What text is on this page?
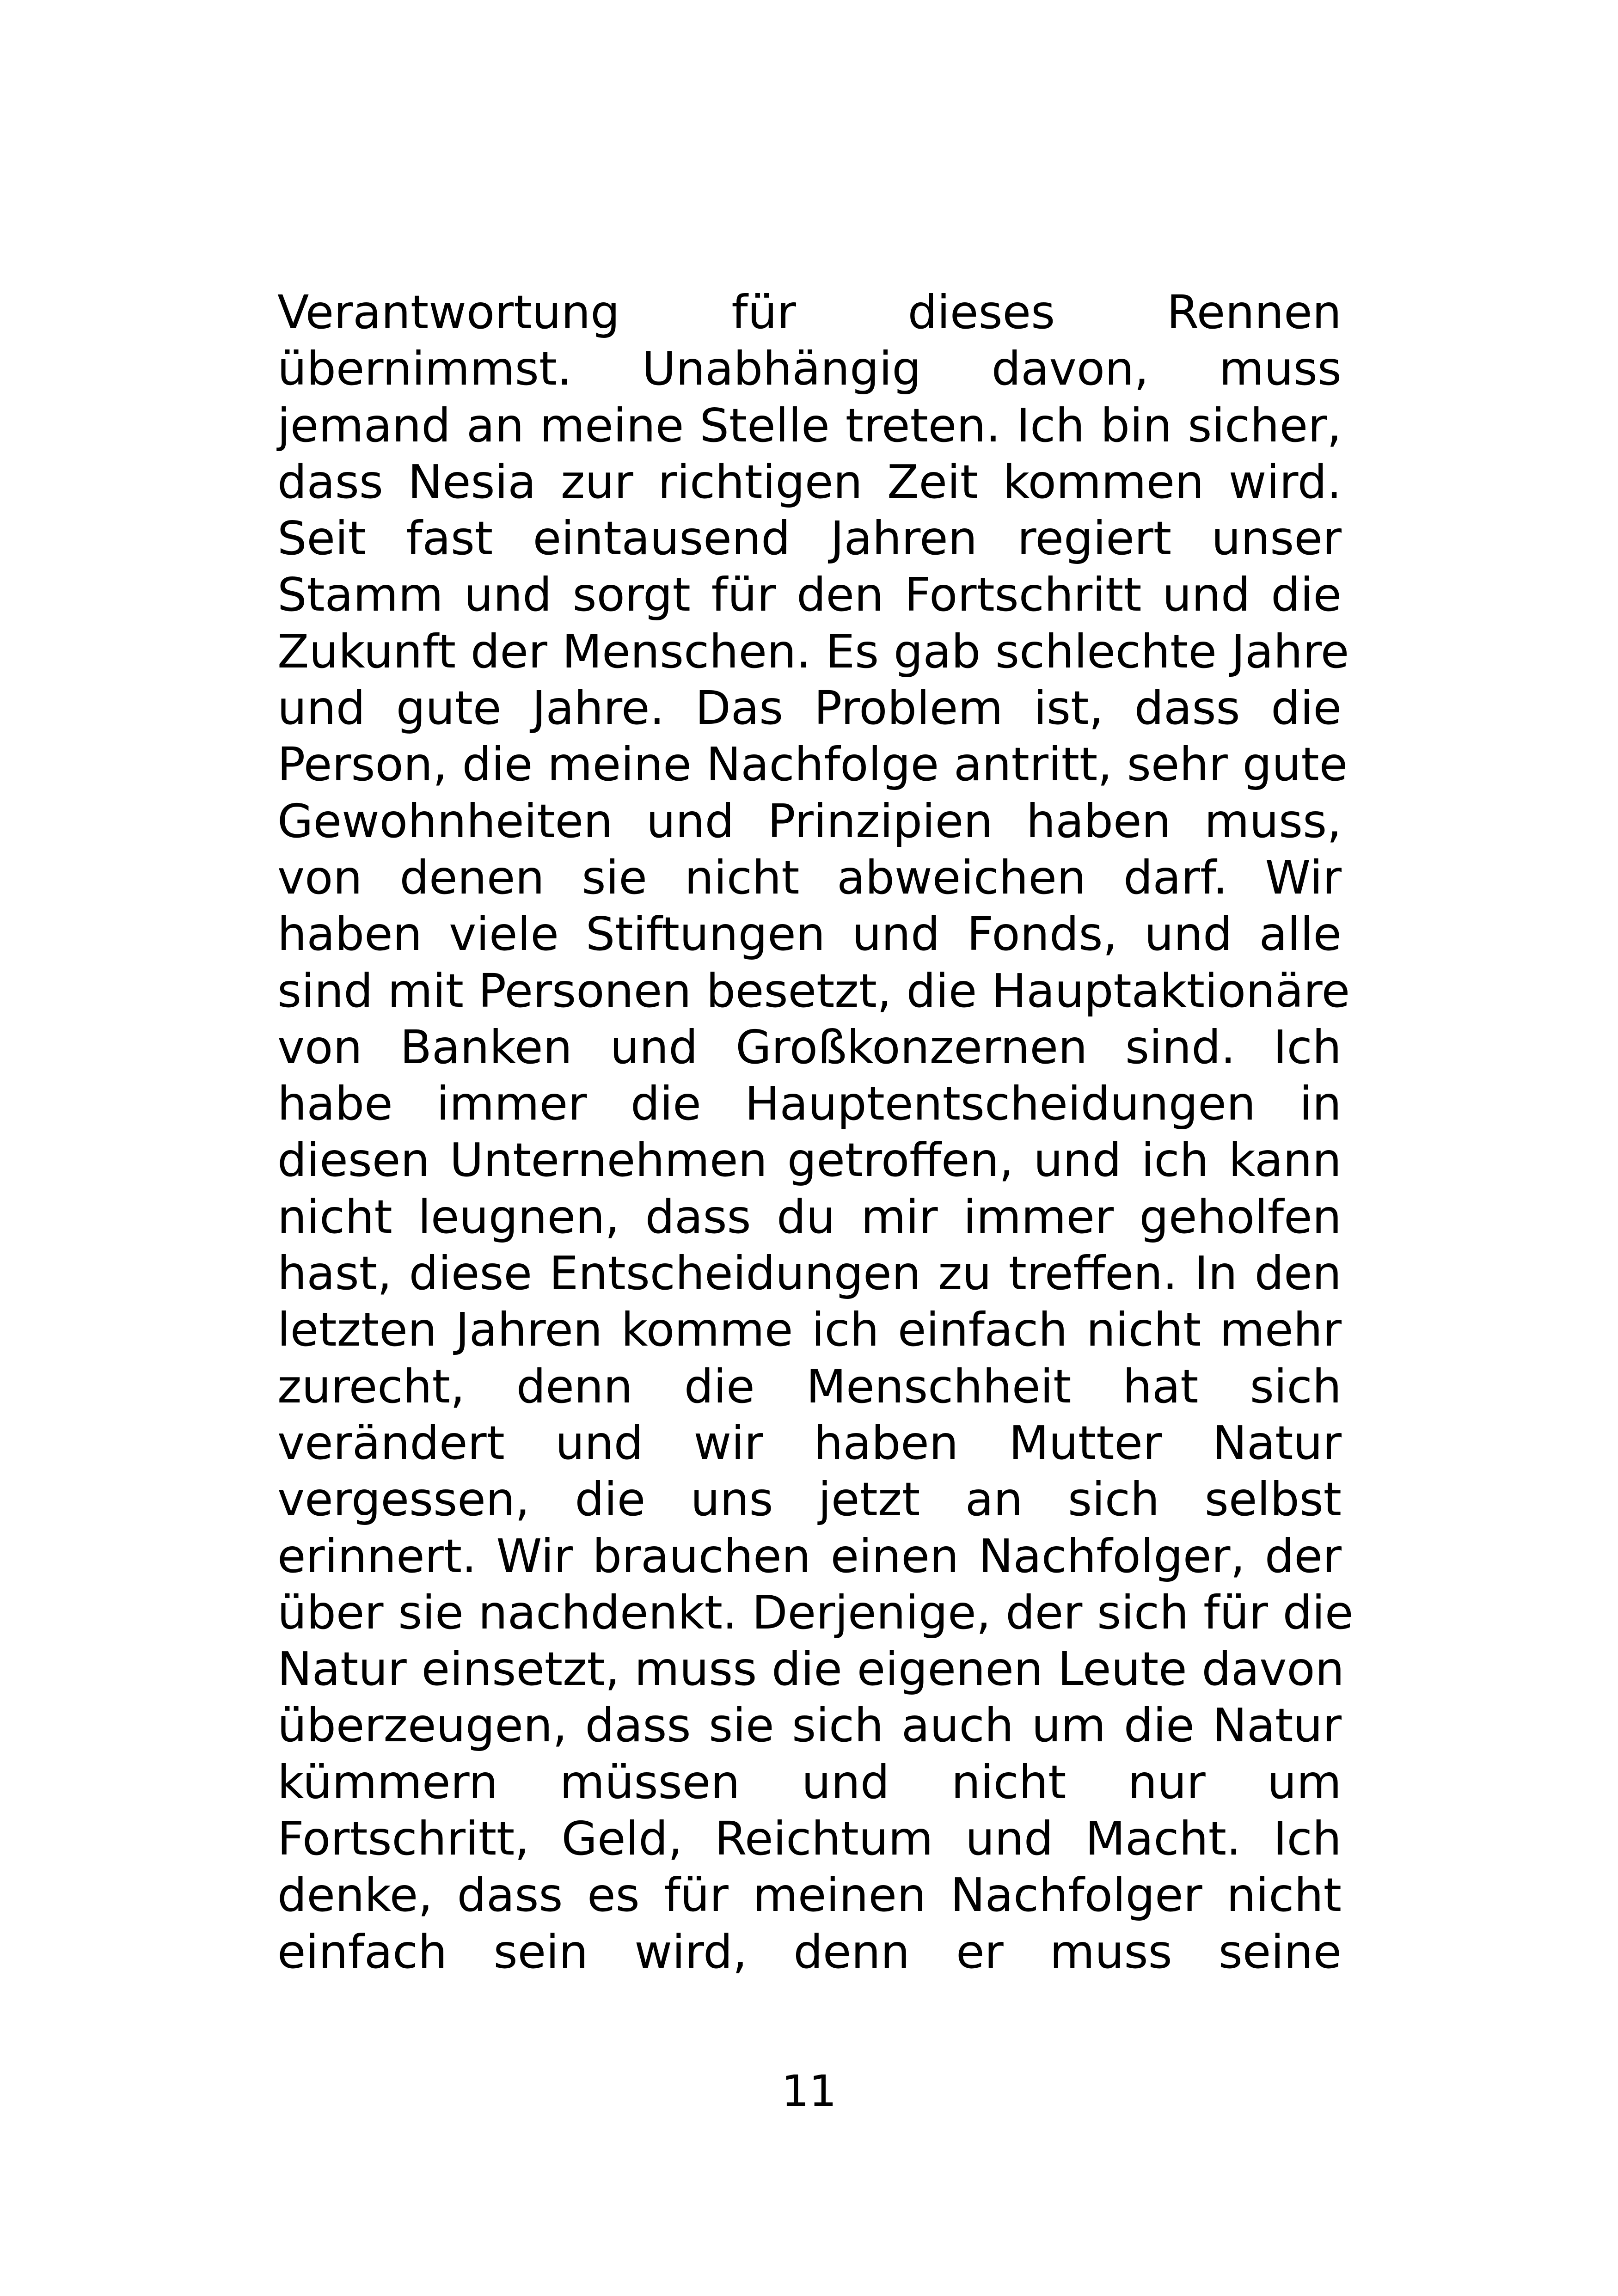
Verantwortung für dieses Rennen
übernimmst. Unabhängig davon, muss
jemand an meine Stelle treten. Ich bin sicher,
dass Nesia zur richtigen Zeit kommen wird.
Seit fast eintausend Jahren regiert unser
Stamm und sorgt für den Fortschritt und die
Zukunft der Menschen. Es gab schlechte Jahre
und gute Jahre. Das Problem ist, dass die
Person, die meine Nachfolge antritt, sehr gute
Gewohnheiten und Prinzipien haben muss,
von denen sie nicht abweichen darf. Wir
haben viele Stiftungen und Fonds, und alle
sind mit Personen besetzt, die Hauptaktionäre
von Banken und Großkonzernen sind. Ich
habe immer die Hauptentscheidungen in
diesen Unternehmen getroffen, und ich kann
nicht leugnen, dass du mir immer geholfen
hast, diese Entscheidungen zu treffen. In den
letzten Jahren komme ich einfach nicht mehr
zurecht, denn die Menschheit hat sich
verändert und wir haben Mutter Natur
vergessen, die uns jetzt an sich selbst
erinnert. Wir brauchen einen Nachfolger, der
über sie nachdenkt. Derjenige, der sich für die
Natur einsetzt, muss die eigenen Leute davon
überzeugen, dass sie sich auch um die Natur
kümmern müssen und nicht nur um
Fortschritt, Geld, Reichtum und Macht. Ich
denke, dass es für meinen Nachfolger nicht
einfach sein wird, denn er muss seine
11
